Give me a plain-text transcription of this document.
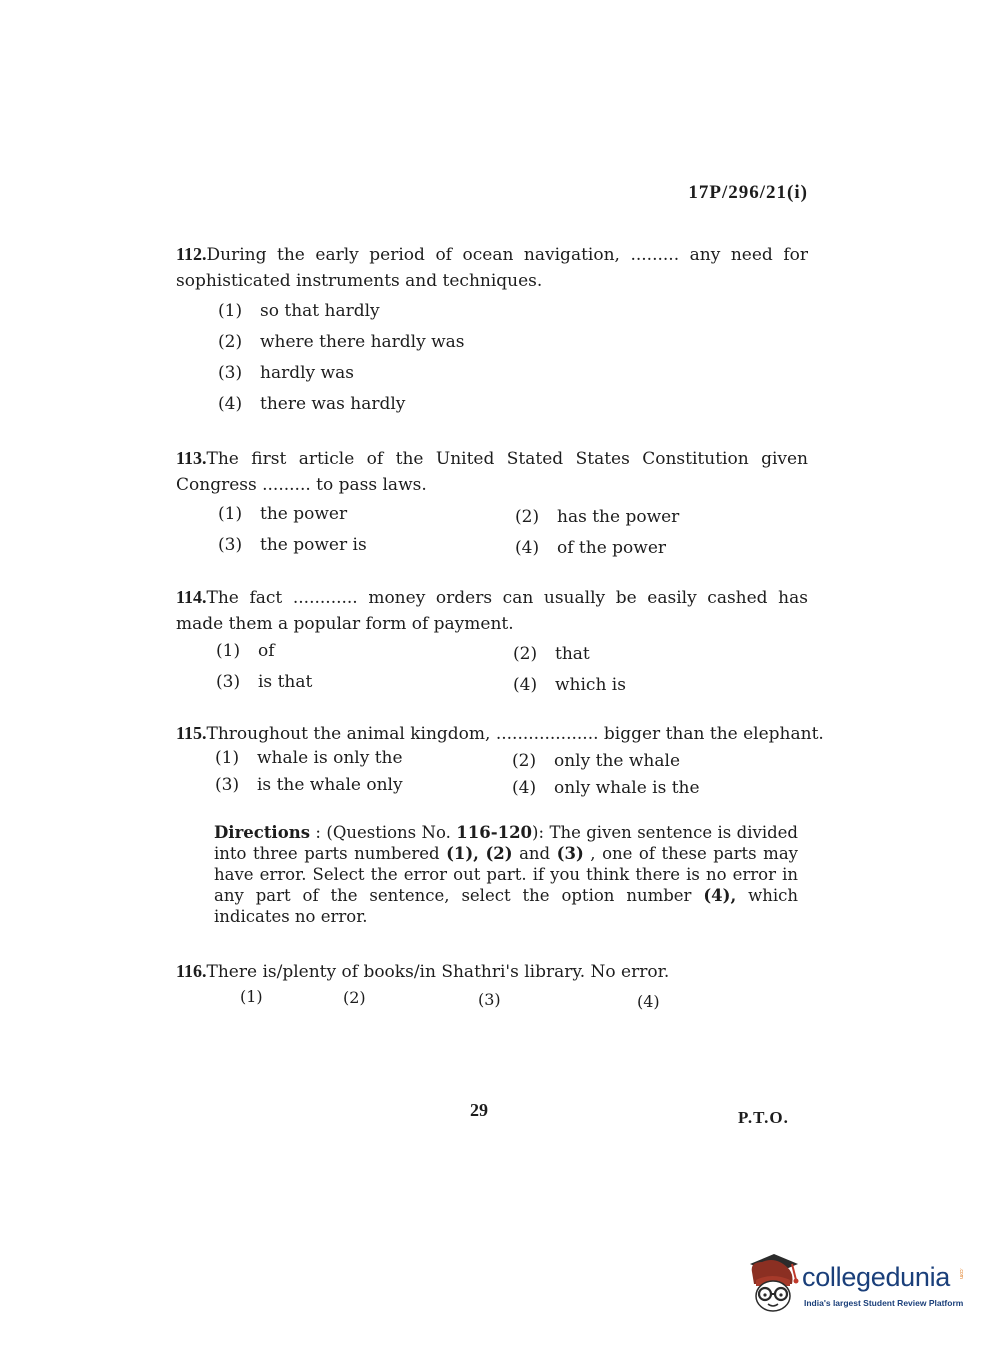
17P/296/21(i)
112.During the early period of ocean navigation, ......... any need for sophisticated instruments and techniques.
(1) so that hardly
(2) where there hardly was
(3) hardly was
(4) there was hardly
113.The first article of the United Stated States Constitution given Congress ......... to pass laws.
(1) the power	(2) has the power
(3) the power is	(4) of the power
114.The fact ............ money orders can usually be easily cashed has made them a popular form of payment.
(1) of	(2) that
(3) is that	(4) which is
115.Throughout the animal kingdom, ................... bigger than the elephant.
(1) whale is only the	(2) only the whale
(3) is the whale only	(4) only whale is the
Directions : (Questions No. 116-120): The given sentence is divided into three parts numbered (1), (2) and (3) , one of these parts may have error. Select the error out part. if you think there is no error in any part of the sentence, select the option number (4), which indicates no error.
116.There is/plenty of books/in Shathri's library. No error.
(1)	(2)	(3)	(4)
29	P.T.O.
collegedunia .com
India's largest Student Review Platform
